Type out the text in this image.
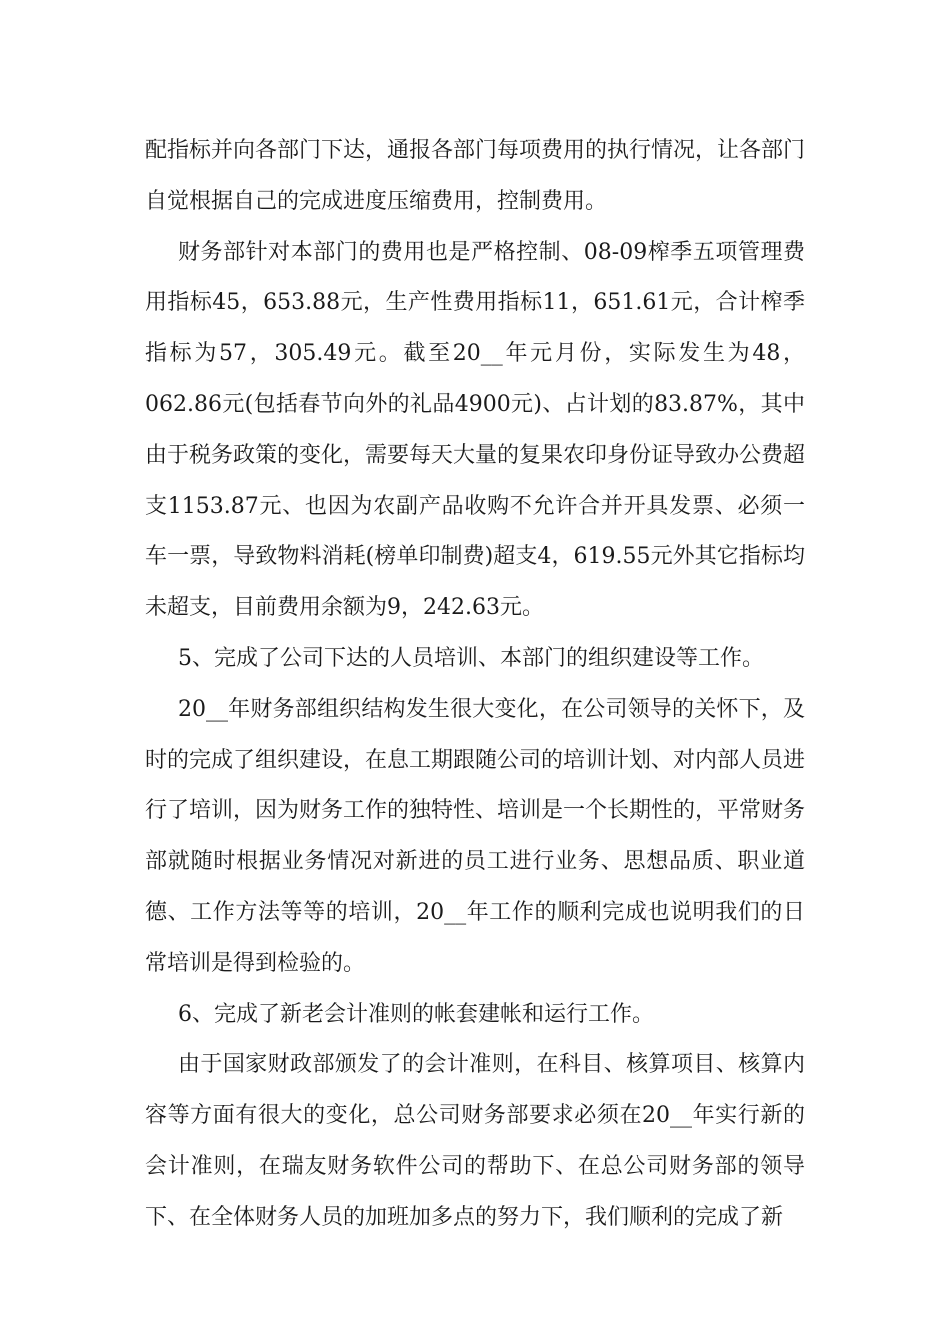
配指标并向各部门下达，通报各部门每项费用的执行情况，让各部门自觉根据自己的完成进度压缩费用，控制费用。

财务部针对本部门的费用也是严格控制、08-09榨季五项管理费用指标45，653.88元，生产性费用指标11，651.61元，合计榨季指标为57，305.49元。截至20__年元月份，实际发生为48，062.86元(包括春节向外的礼品4900元)、占计划的83.87%，其中由于税务政策的变化，需要每天大量的复果农印身份证导致办公费超支1153.87元、也因为农副产品收购不允许合并开具发票、必须一车一票，导致物料消耗(榜单印制费)超支4，619.55元外其它指标均未超支，目前费用余额为9，242.63元。

5、完成了公司下达的人员培训、本部门的组织建设等工作。

20__年财务部组织结构发生很大变化，在公司领导的关怀下，及时的完成了组织建设，在息工期跟随公司的培训计划、对内部人员进行了培训，因为财务工作的独特性、培训是一个长期性的，平常财务部就随时根据业务情况对新进的员工进行业务、思想品质、职业道德、工作方法等等的培训，20__年工作的顺利完成也说明我们的日常培训是得到检验的。

6、完成了新老会计准则的帐套建帐和运行工作。

由于国家财政部颁发了的会计准则，在科目、核算项目、核算内容等方面有很大的变化，总公司财务部要求必须在20__年实行新的会计准则，在瑞友财务软件公司的帮助下、在总公司财务部的领导下、在全体财务人员的加班加多点的努力下，我们顺利的完成了新
